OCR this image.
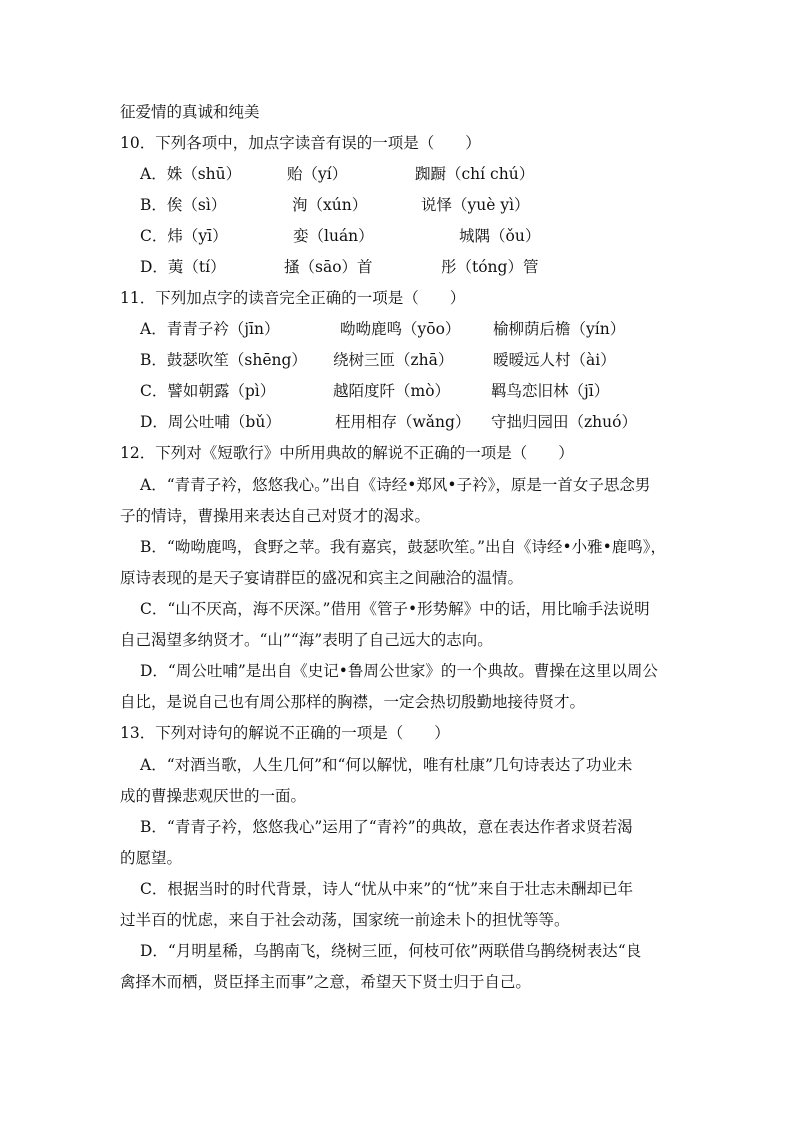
征爱情的真诚和纯美
10．下列各项中，加点字读音有误的一项是（　　）
A．姝（shū）	贻（yí）	踟蹰（chí chú）
B．俟（sì）	洵（xún）	说怿（yuè yì）
C．炜（yī）	娈（luán）	城隅（ǒu）
D．荑（tí）	搔（sāo）首	彤（tóng）管
11．下列加点字的读音完全正确的一项是（　　）
A．青青子衿（jīn）	呦呦鹿鸣（yōo） 榆柳荫后檐（yín）
B．鼓瑟吹笙（shēng） 绕树三匝（zhā）	暧暧远人村（ài）
C．譬如朝露（pì）	越陌度阡（mò）	羁鸟恋旧林（jī）
D．周公吐哺（bǔ）	枉用相存（wǎng） 守拙归园田（zhuó）
12．下列对《短歌行》中所用典故的解说不正确的一项是（　　）
A．“青青子衿，悠悠我心。”出自《诗经•郑风•子衿》，原是一首女子思念男
子的情诗，曹操用来表达自己对贤才的渴求。
B．“呦呦鹿鸣，食野之苹。我有嘉宾，鼓瑟吹笙。”出自《诗经•小雅•鹿鸣》，
原诗表现的是天子宴请群臣的盛况和宾主之间融洽的温情。
C．“山不厌高，海不厌深。”借用《管子•形势解》中的话，用比喻手法说明
自己渴望多纳贤才。“山”“海”表明了自己远大的志向。
D．“周公吐哺”是出自《史记•鲁周公世家》的一个典故。曹操在这里以周公
自比，是说自己也有周公那样的胸襟，一定会热切殷勤地接待贤才。
13．下列对诗句的解说不正确的一项是（　　）
A．“对酒当歌，人生几何”和“何以解忧，唯有杜康”几句诗表达了功业未
成的曹操悲观厌世的一面。
B．“青青子衿，悠悠我心”运用了“青衿”的典故，意在表达作者求贤若渴
的愿望。
C．根据当时的时代背景，诗人“忧从中来”的“忧”来自于壮志未酬却已年
过半百的忧虑，来自于社会动荡，国家统一前途未卜的担忧等等。
D．“月明星稀，乌鹊南飞，绕树三匝，何枝可依”两联借乌鹊绕树表达“良
禽择木而栖，贤臣择主而事”之意，希望天下贤士归于自己。
